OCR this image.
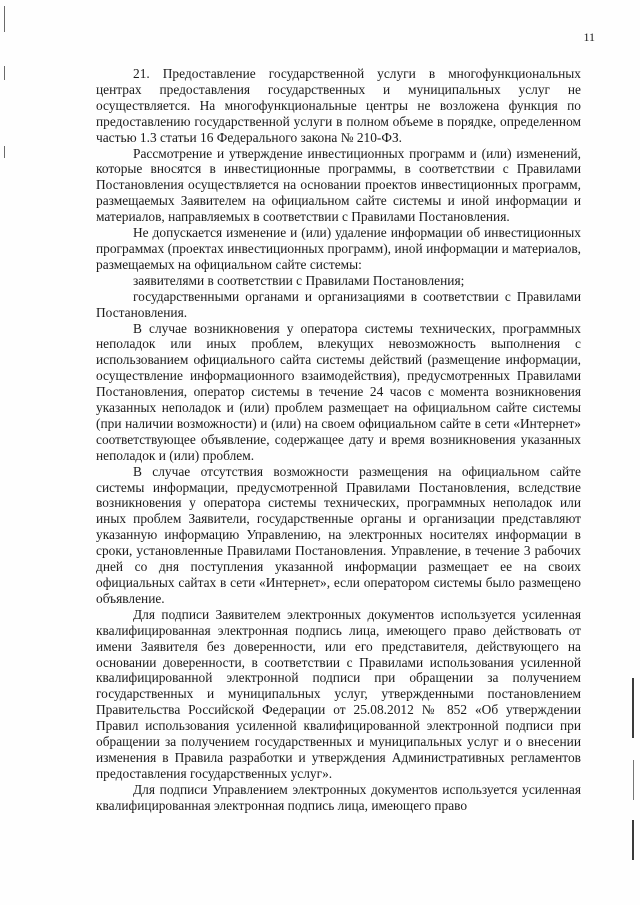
11

21. Предоставление государственной услуги в многофункциональных центрах предоставления государственных и муниципальных услуг не осуществляется. На многофункциональные центры не возложена функция по предоставлению государственной услуги в полном объеме в порядке, определенном частью 1.3 статьи 16 Федерального закона № 210-ФЗ.

Рассмотрение и утверждение инвестиционных программ и (или) изменений, которые вносятся в инвестиционные программы, в соответствии с Правилами Постановления осуществляется на основании проектов инвестиционных программ, размещаемых Заявителем на официальном сайте системы и иной информации и материалов, направляемых в соответствии с Правилами Постановления.

Не допускается изменение и (или) удаление информации об инвестиционных программах (проектах инвестиционных программ), иной информации и материалов, размещаемых на официальном сайте системы:

заявителями в соответствии с Правилами Постановления;

государственными органами и организациями в соответствии с Правилами Постановления.

В случае возникновения у оператора системы технических, программных неполадок или иных проблем, влекущих невозможность выполнения с использованием официального сайта системы действий (размещение информации, осуществление информационного взаимодействия), предусмотренных Правилами Постановления, оператор системы в течение 24 часов с момента возникновения указанных неполадок и (или) проблем размещает на официальном сайте системы (при наличии возможности) и (или) на своем официальном сайте в сети «Интернет» соответствующее объявление, содержащее дату и время возникновения указанных неполадок и (или) проблем.

В случае отсутствия возможности размещения на официальном сайте системы информации, предусмотренной Правилами Постановления, вследствие возникновения у оператора системы технических, программных неполадок или иных проблем Заявители, государственные органы и организации представляют указанную информацию Управлению, на электронных носителях информации в сроки, установленные Правилами Постановления. Управление, в течение 3 рабочих дней со дня поступления указанной информации размещает ее на своих официальных сайтах в сети «Интернет», если оператором системы было размещено объявление.

Для подписи Заявителем электронных документов используется усиленная квалифицированная электронная подпись лица, имеющего право действовать от имени Заявителя без доверенности, или его представителя, действующего на основании доверенности, в соответствии с Правилами использования усиленной квалифицированной электронной подписи при обращении за получением государственных и муниципальных услуг, утвержденными постановлением Правительства Российской Федерации от 25.08.2012 № 852 «Об утверждении Правил использования усиленной квалифицированной электронной подписи при обращении за получением государственных и муниципальных услуг и о внесении изменения в Правила разработки и утверждения Административных регламентов предоставления государственных услуг».

Для подписи Управлением электронных документов используется усиленная квалифицированная электронная подпись лица, имеющего право
